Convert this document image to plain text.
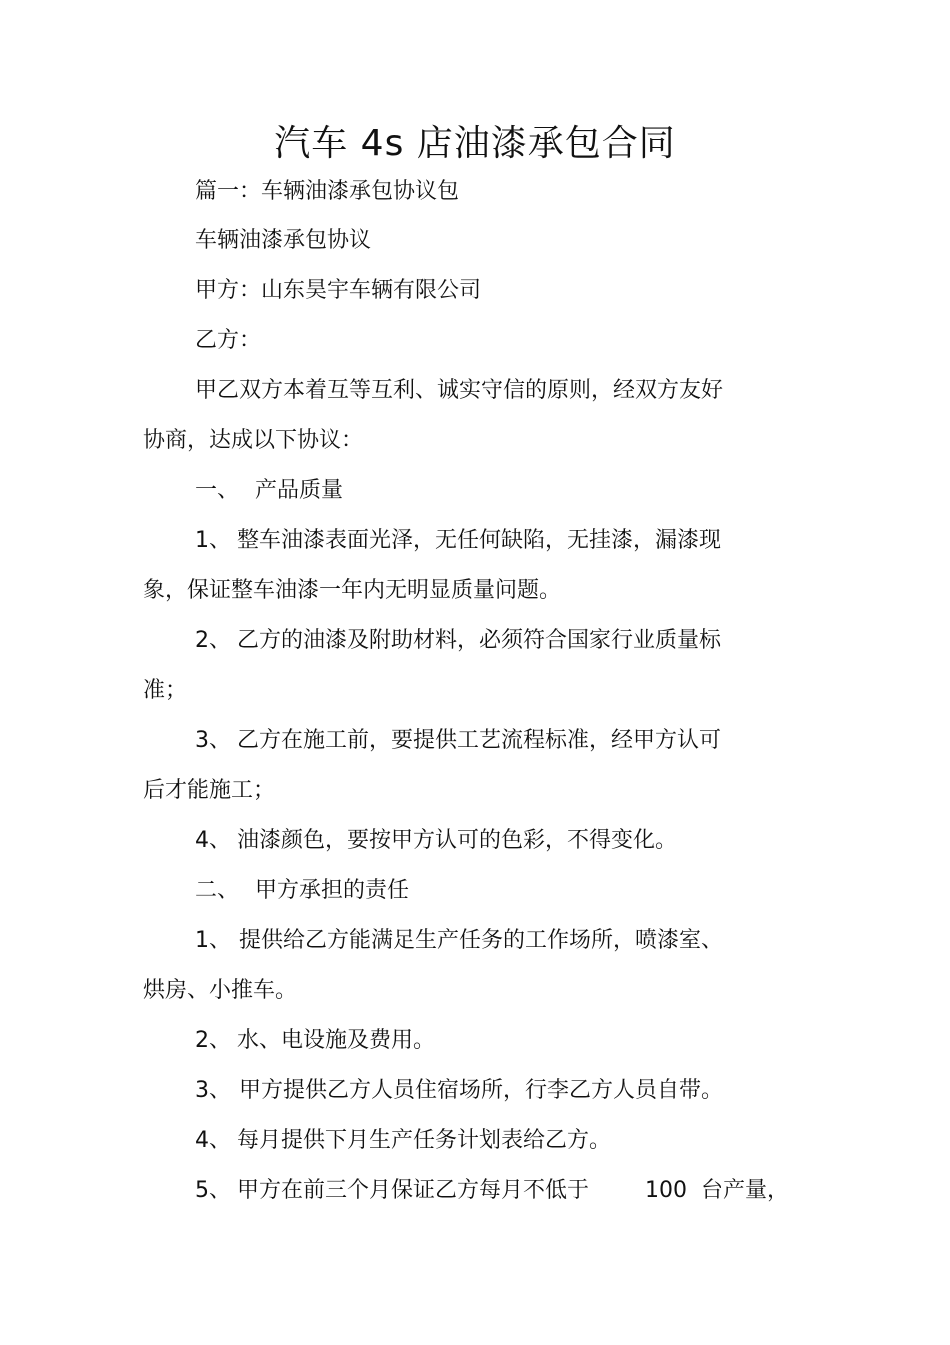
汽车 4s 店油漆承包合同
篇一：车辆油漆承包协议包
车辆油漆承包协议
甲方：山东昊宇车辆有限公司
乙方：
甲乙双方本着互等互利、诚实守信的原则，经双方友好
协商，达成以下协议：
一、 产品质量
1、 整车油漆表面光泽，无任何缺陷，无挂漆，漏漆现
象，保证整车油漆一年内无明显质量问题。
2、 乙方的油漆及附助材料，必须符合国家行业质量标
准；
3、 乙方在施工前，要提供工艺流程标准，经甲方认可
后才能施工；
4、 油漆颜色，要按甲方认可的色彩，不得变化。
二、 甲方承担的责任
1、 提供给乙方能满足生产任务的工作场所，喷漆室、
烘房、小推车。
2、 水、电设施及费用。
3、 甲方提供乙方人员住宿场所，行李乙方人员自带。
4、 每月提供下月生产任务计划表给乙方。
5、 甲方在前三个月保证乙方每月不低于	100 台产量，
